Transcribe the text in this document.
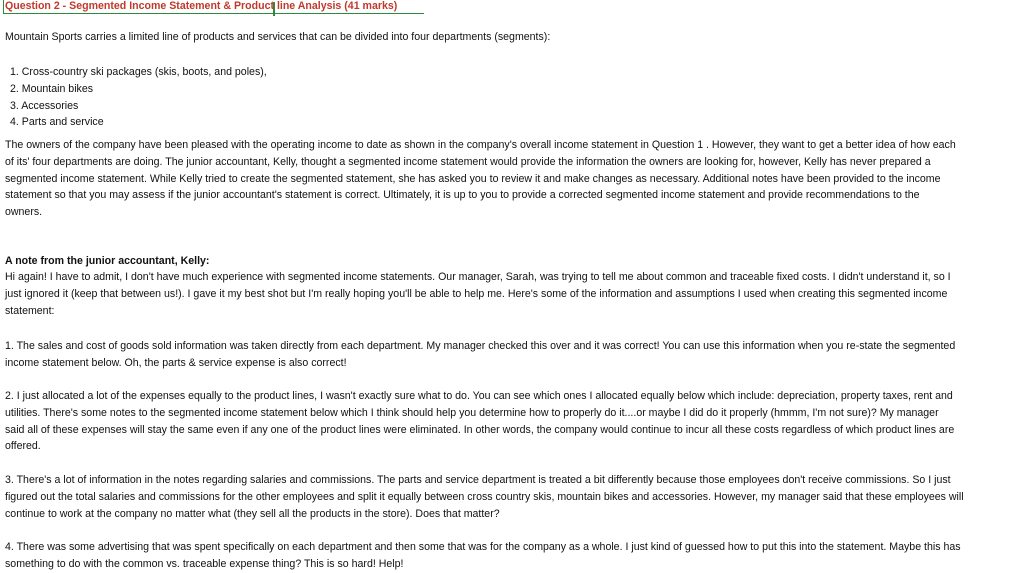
Question 2 - Segmented Income Statement & Product line Analysis (41 marks)
Mountain Sports carries a limited line of products and services that can be divided into four departments (segments):
1. Cross-country ski packages (skis, boots, and poles),
2. Mountain bikes
3. Accessories
4. Parts and service
The owners of the company have been pleased with the operating income to date as shown in the company's overall income statement in Question 1 . However, they want to get a better idea of how each
of its' four departments are doing. The junior accountant, Kelly, thought a segmented income statement would provide the information the owners are looking for, however, Kelly has never prepared a
segmented income statement. While Kelly tried to create the segmented statement, she has asked you to review it and make changes as necessary. Additional notes have been provided to the income
statement so that you may assess if the junior accountant's statement is correct. Ultimately, it is up to you to provide a corrected segmented income statement and provide recommendations to the
owners.
A note from the junior accountant, Kelly:
Hi again! I have to admit, I don't have much experience with segmented income statements. Our manager, Sarah, was trying to tell me about common and traceable fixed costs. I didn't understand it, so I
just ignored it (keep that between us!). I gave it my best shot but I'm really hoping you'll be able to help me. Here's some of the information and assumptions I used when creating this segmented income
statement:
1. The sales and cost of goods sold information was taken directly from each department. My manager checked this over and it was correct! You can use this information when you re-state the segmented
income statement below. Oh, the parts & service expense is also correct!
2. I just allocated a lot of the expenses equally to the product lines, I wasn't exactly sure what to do. You can see which ones I allocated equally below which include: depreciation, property taxes, rent and
utilities. There's some notes to the segmented income statement below which I think should help you determine how to properly do it....or maybe I did do it properly (hmmm, I'm not sure)? My manager
said all of these expenses will stay the same even if any one of the product lines were eliminated. In other words, the company would continue to incur all these costs regardless of which product lines are
offered.
3. There's a lot of information in the notes regarding salaries and commissions. The parts and service department is treated a bit differently because those employees don't receive commissions. So I just
figured out the total salaries and commissions for the other employees and split it equally between cross country skis, mountain bikes and accessories. However, my manager said that these employees will
continue to work at the company no matter what (they sell all the products in the store). Does that matter?
4. There was some advertising that was spent specifically on each department and then some that was for the company as a whole. I just kind of guessed how to put this into the statement. Maybe this has
something to do with the common vs. traceable expense thing? This is so hard! Help!
